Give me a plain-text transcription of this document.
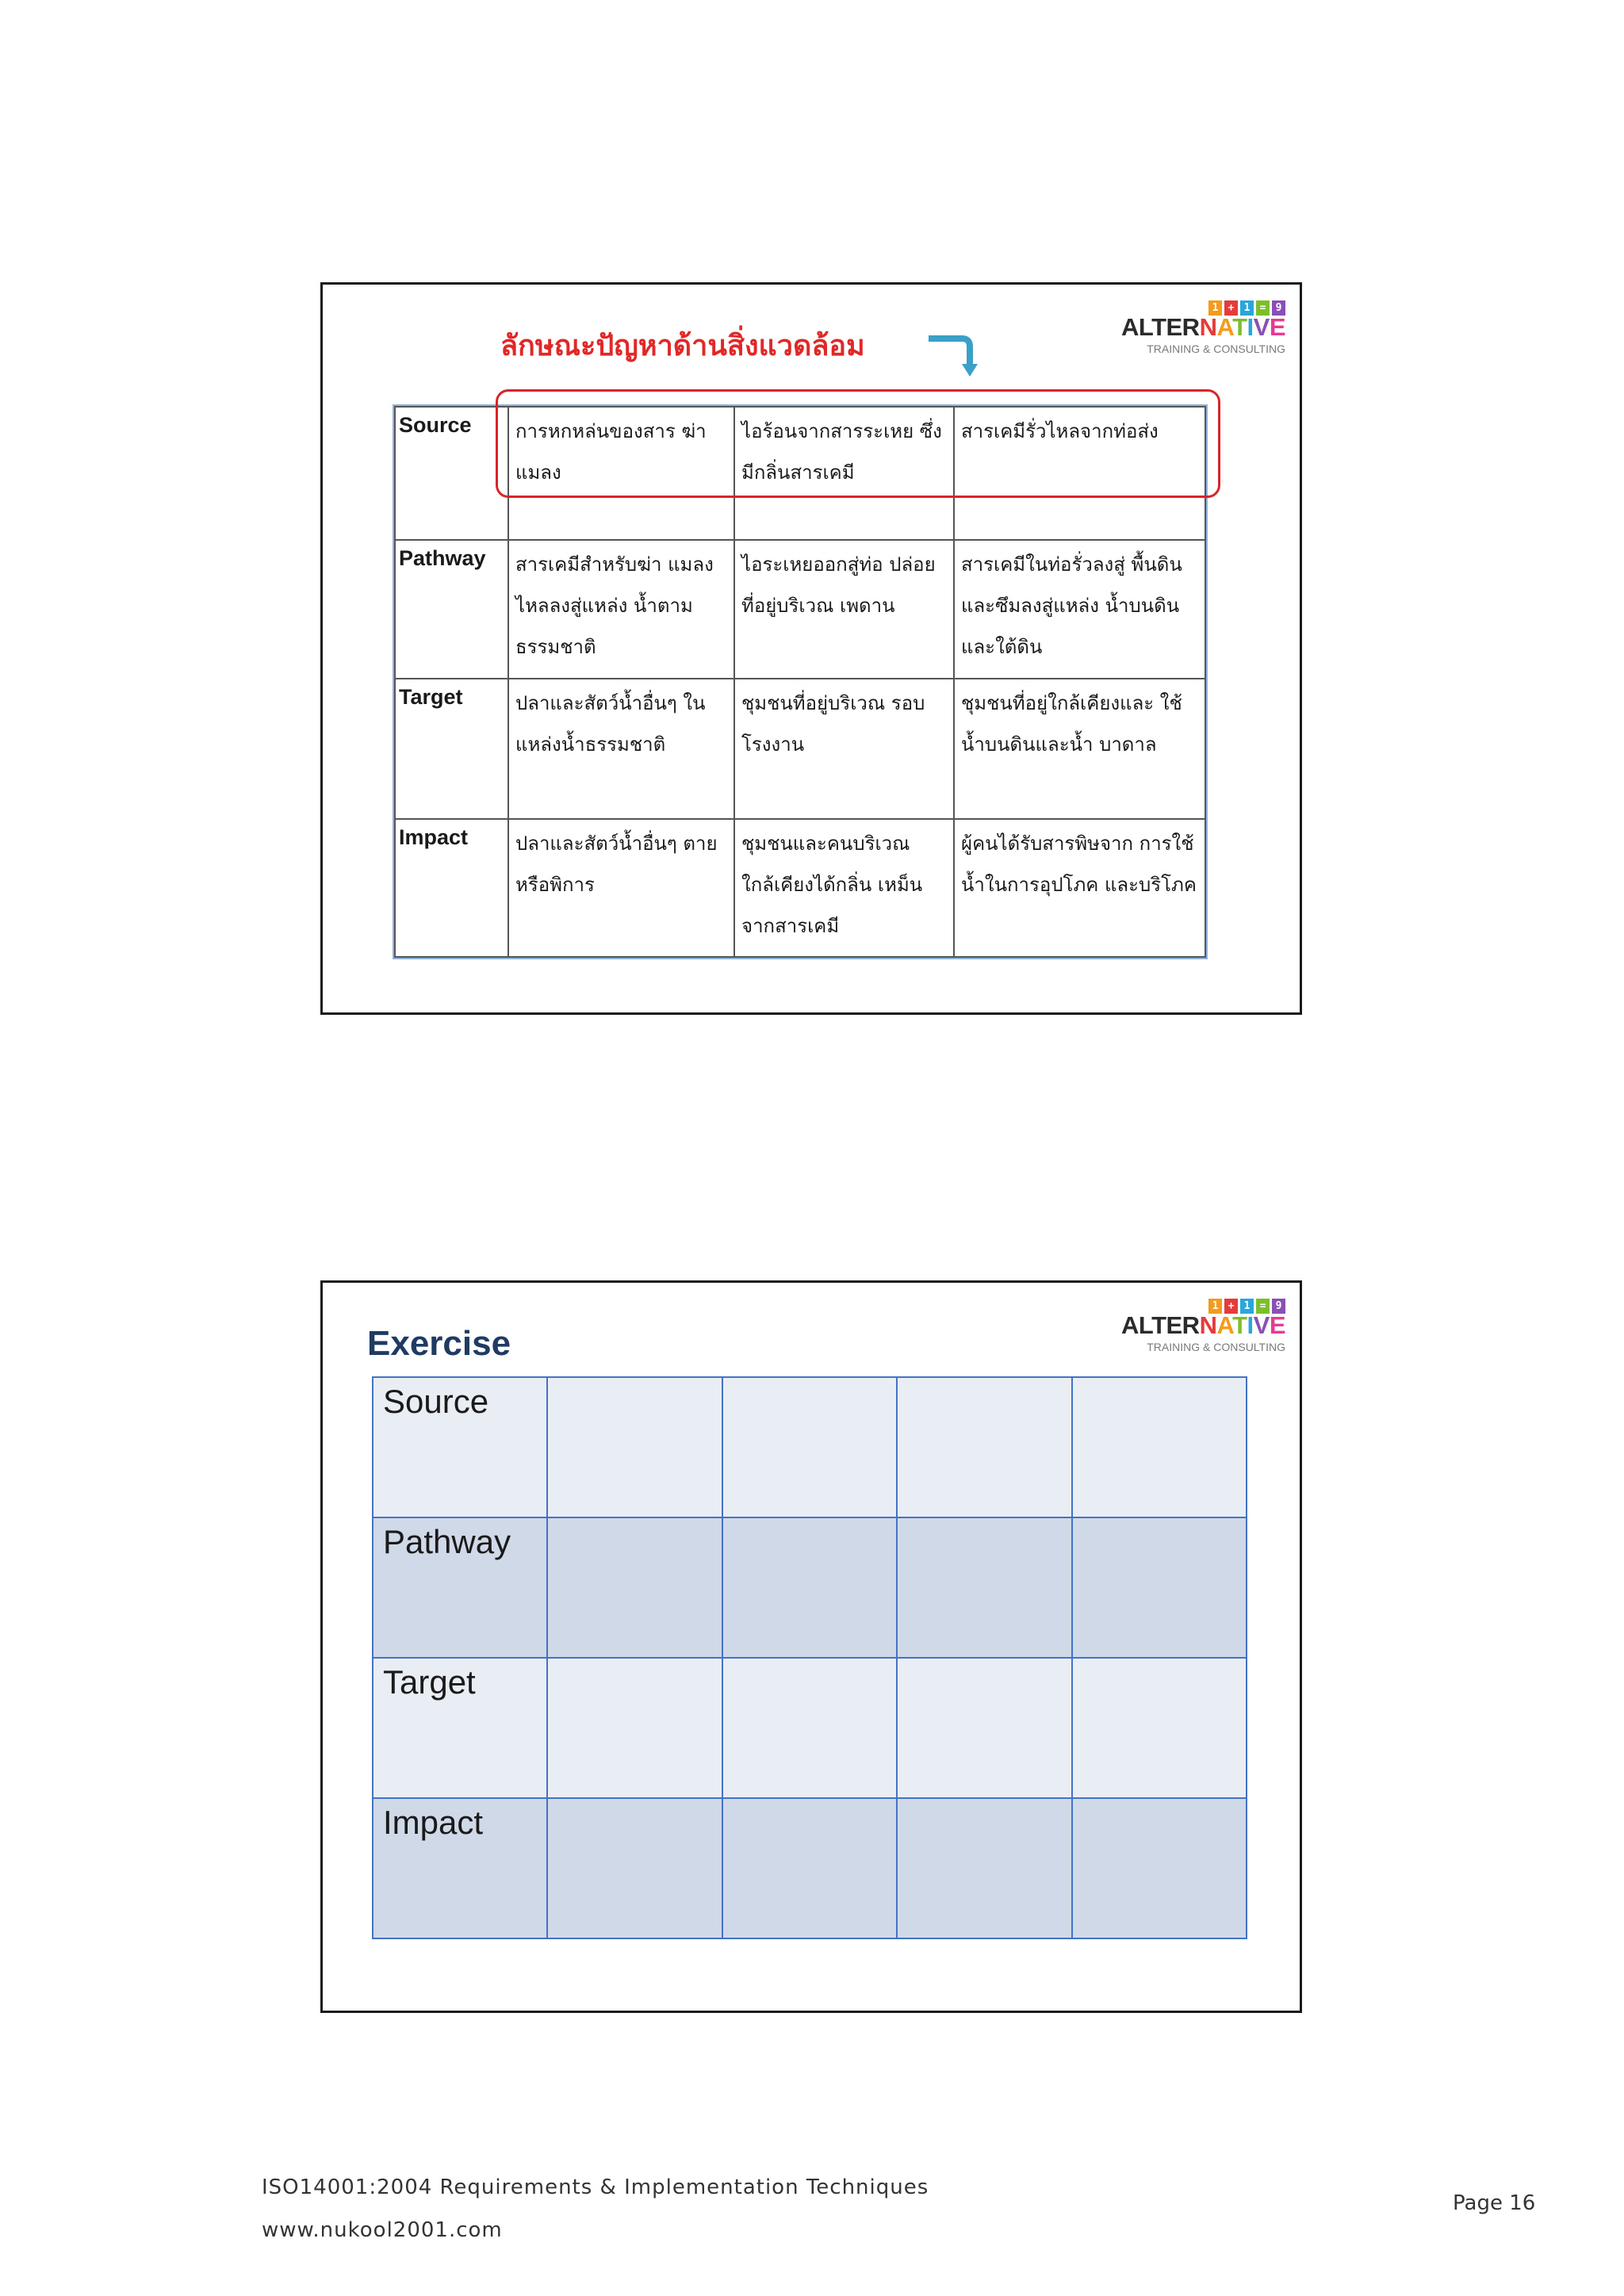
ลักษณะปัญหาด้านสิ่งแวดล้อม
1 + 1 = 9
ALTERNATIVE
TRAINING & CONSULTING
Source	การหกหล่นของสาร ฆ่าแมลง	ไอร้อนจากสารระเหย ซึ่งมีกลิ่นสารเคมี	สารเคมีรั่วไหลจากท่อส่ง
Pathway	สารเคมีสำหรับฆ่า แมลงไหลลงสู่แหล่ง น้ำตามธรรมชาติ	ไอระเหยออกสู่ท่อ ปล่อยที่อยู่บริเวณ เพดาน	สารเคมีในท่อรั่วลงสู่ พื้นดิน และซึมลงสู่แหล่ง น้ำบนดินและใต้ดิน
Target	ปลาและสัตว์น้ำอื่นๆ ในแหล่งน้ำธรรมชาติ	ชุมชนที่อยู่บริเวณ รอบโรงงาน	ชุมชนที่อยู่ใกล้เคียงและ ใช้น้ำบนดินและน้ำ บาดาล
Impact	ปลาและสัตว์น้ำอื่นๆ ตาย หรือพิการ	ชุมชนและคนบริเวณ ใกล้เคียงได้กลิ่น เหม็นจากสารเคมี	ผู้คนได้รับสารพิษจาก การใช้น้ำในการอุปโภค และบริโภค
Exercise
1 + 1 = 9
ALTERNATIVE
TRAINING & CONSULTING
Source				
Pathway				
Target				
Impact				
ISO14001:2004 Requirements & Implementation Techniques
www.nukool2001.com
Page 16
